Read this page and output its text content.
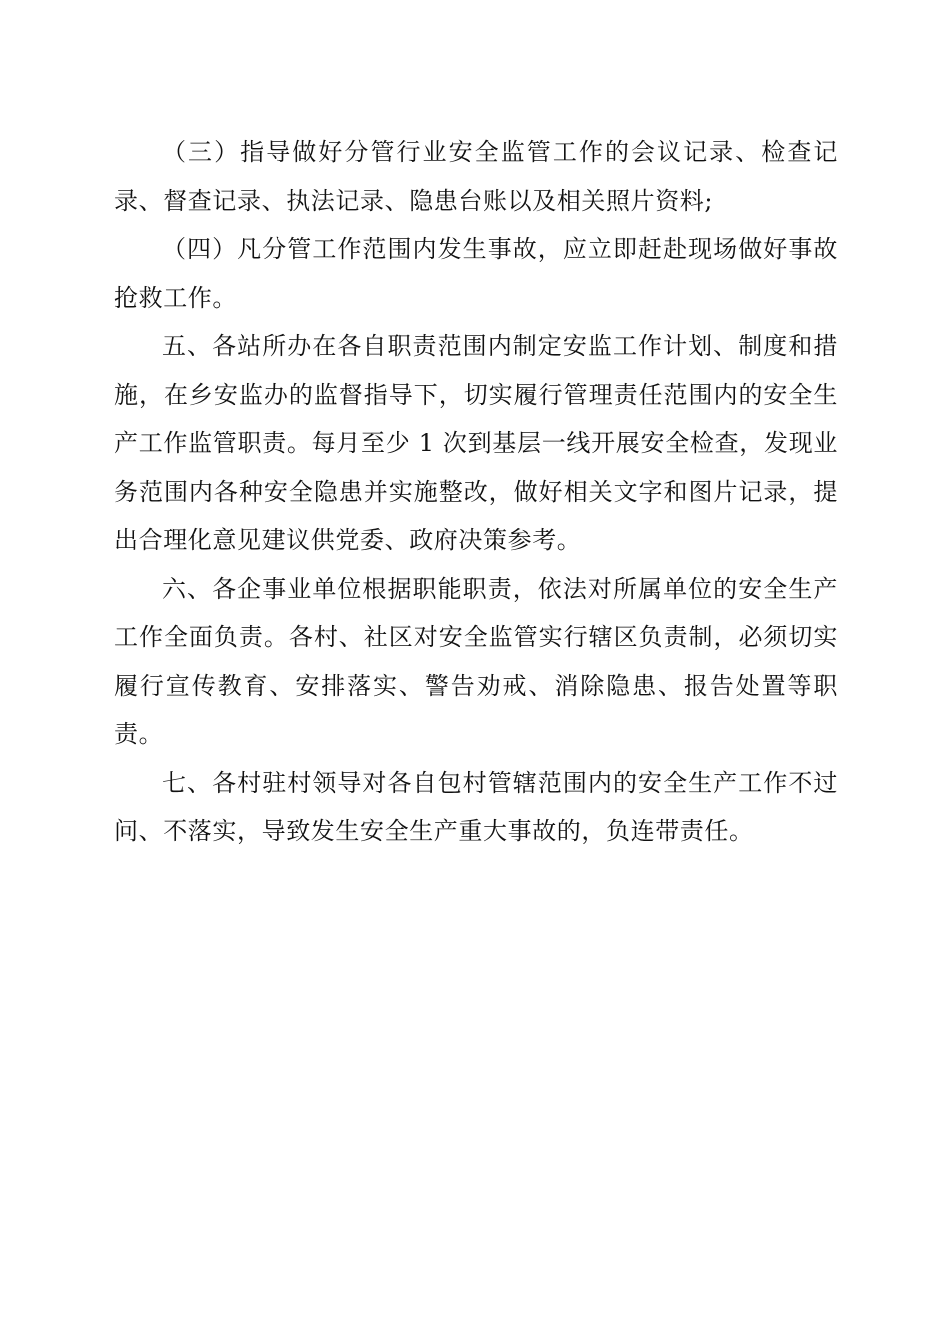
（三）指导做好分管行业安全监管工作的会议记录、检查记录、督查记录、执法记录、隐患台账以及相关照片资料;

（四）凡分管工作范围内发生事故，应立即赶赴现场做好事故抢救工作。

五、各站所办在各自职责范围内制定安监工作计划、制度和措施，在乡安监办的监督指导下，切实履行管理责任范围内的安全生产工作监管职责。每月至少 1 次到基层一线开展安全检查，发现业务范围内各种安全隐患并实施整改，做好相关文字和图片记录，提出合理化意见建议供党委、政府决策参考。

六、各企事业单位根据职能职责，依法对所属单位的安全生产工作全面负责。各村、社区对安全监管实行辖区负责制，必须切实履行宣传教育、安排落实、警告劝戒、消除隐患、报告处置等职责。

七、各村驻村领导对各自包村管辖范围内的安全生产工作不过问、不落实，导致发生安全生产重大事故的，负连带责任。
